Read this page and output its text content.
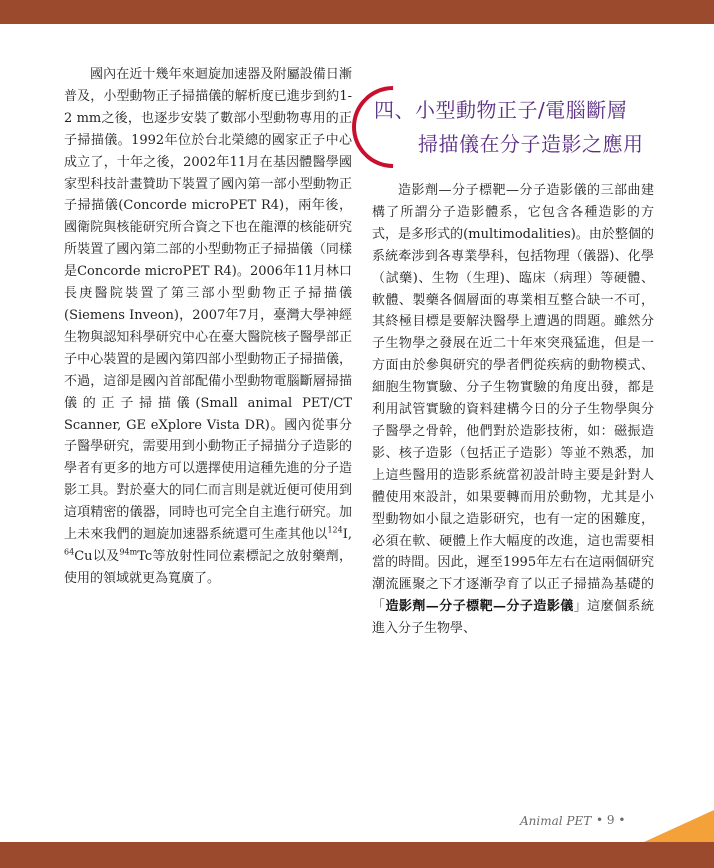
國內在近十幾年來迴旋加速器及附屬設備日漸普及，小型動物正子掃描儀的解析度已進步到約1-2 mm之後，也逐步安裝了數部小型動物專用的正子掃描儀。1992年位於台北榮總的國家正子中心成立了，十年之後，2002年11月在基因體醫學國家型科技計畫贊助下裝置了國內第一部小型動物正子掃描儀(Concorde microPET R4)，兩年後，國衛院與核能研究所合資之下也在龍潭的核能研究所裝置了國內第二部的小型動物正子掃描儀（同樣是Concorde microPET R4)。2006年11月林口長庚醫院裝置了第三部小型動物正子掃描儀(Siemens Inveon)，2007年7月，臺灣大學神經生物與認知科學研究中心在臺大醫院核子醫學部正子中心裝置的是國內第四部小型動物正子掃描儀，不過，這卻是國內首部配備小型動物電腦斷層掃描儀的正子掃描儀(Small animal PET/CT Scanner, GE eXplore Vista DR)。國內從事分子醫學研究，需要用到小動物正子掃描分子造影的學者有更多的地方可以選擇使用這種先進的分子造影工具。對於臺大的同仁而言則是就近便可使用到這項精密的儀器，同時也可完全自主進行研究。加上未來我們的迴旋加速器系統還可生產其他以$^{124}$I, $^{64}$Cu以及$^{94m}$Tc等放射性同位素標記之放射藥劑，使用的領域就更為寬廣了。

四、小型動物正子/電腦斷層
掃描儀在分子造影之應用

造影劑—分子標靶—分子造影儀的三部曲建構了所謂分子造影體系，它包含各種造影的方式，是多形式的(multimodalities)。由於整個的系統牽涉到各專業學科，包括物理（儀器)、化學（試藥)、生物（生理)、臨床（病理）等硬體、軟體、製藥各個層面的專業相互整合缺一不可，其終極目標是要解決醫學上遭遇的問題。雖然分子生物學之發展在近二十年來突飛猛進，但是一方面由於參與研究的學者們從疾病的動物模式、細胞生物實驗、分子生物實驗的角度出發，都是利用試管實驗的資料建構今日的分子生物學與分子醫學之骨幹，他們對於造影技術，如：磁振造影、核子造影（包括正子造影）等並不熟悉，加上這些醫用的造影系統當初設計時主要是針對人體使用來設計，如果要轉而用於動物，尤其是小型動物如小鼠之造影研究，也有一定的困難度，必須在軟、硬體上作大幅度的改進，這也需要相當的時間。因此，遲至1995年左右在這兩個研究潮流匯聚之下才逐漸孕育了以正子掃描為基礎的「造影劑—分子標靶—分子造影儀」這麼個系統進入分子生物學、

Animal PET • 9 •
